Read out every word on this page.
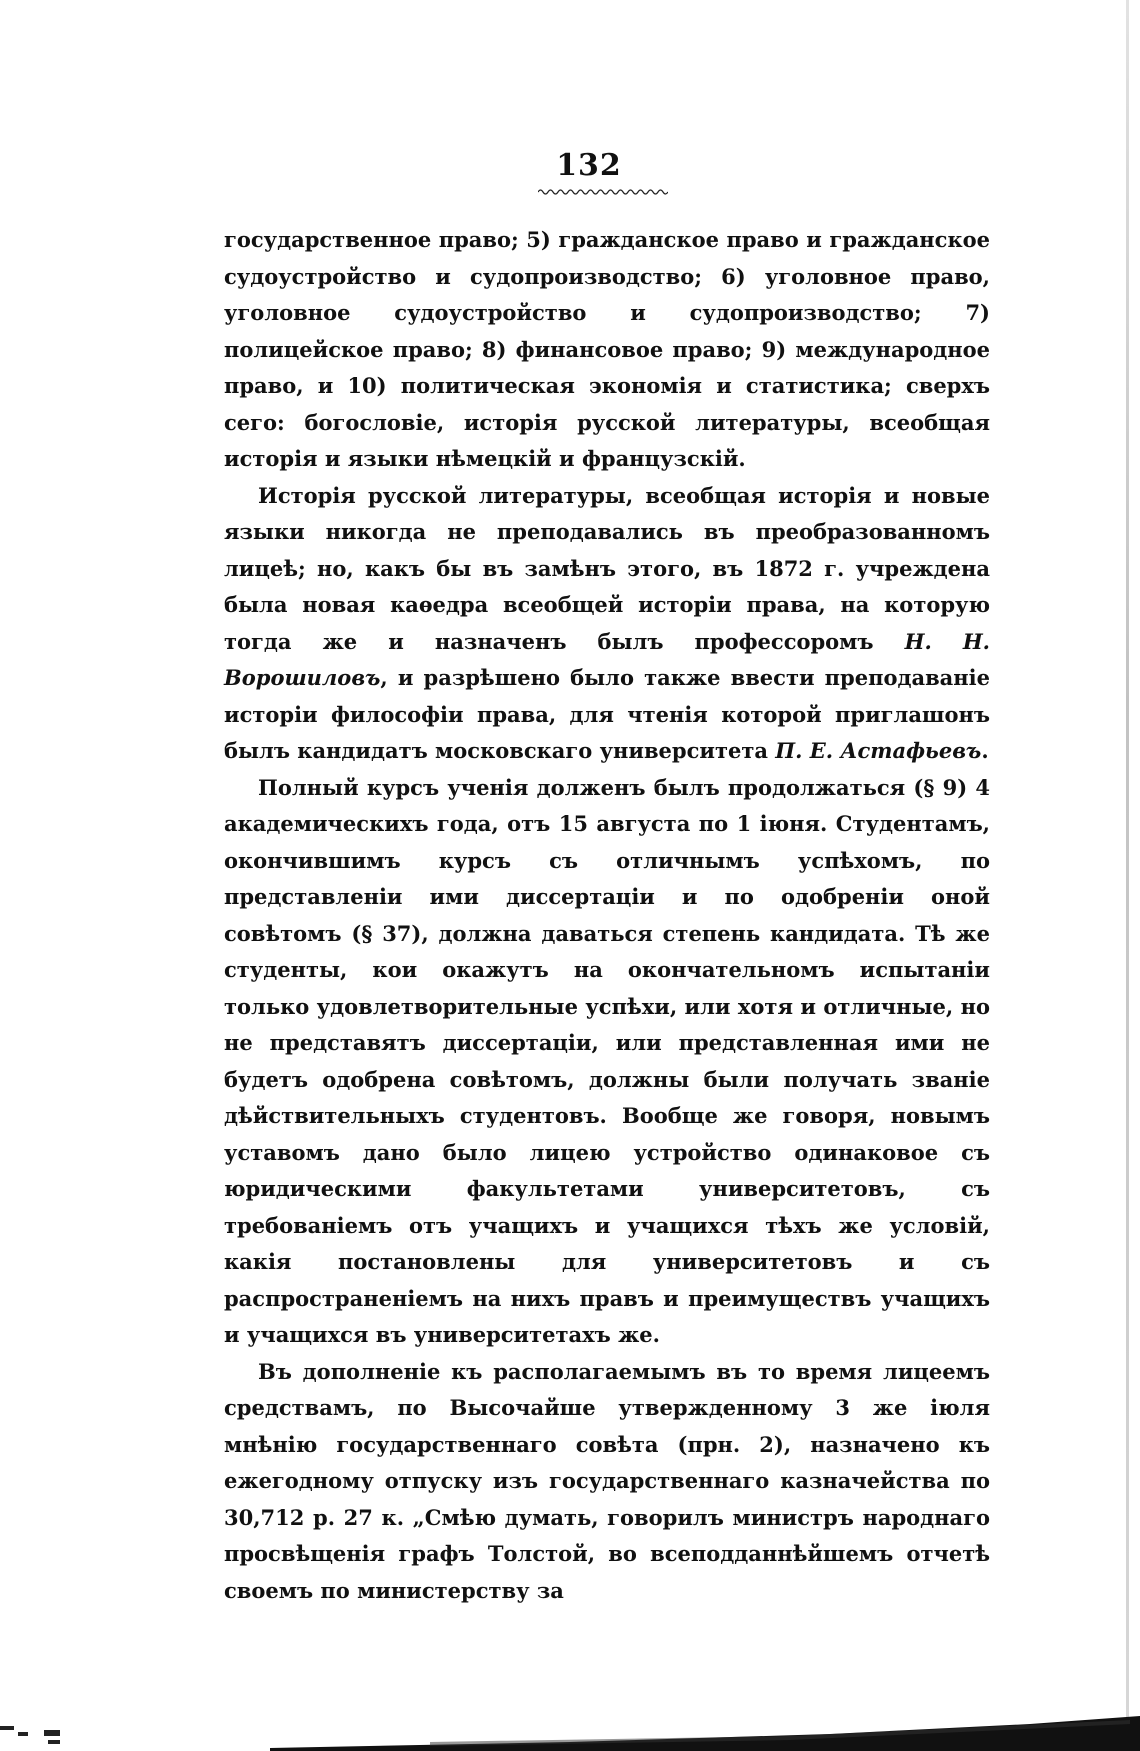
132

государственное право; 5) гражданское право и гражданское судоустройство и судопроизводство; 6) уголовное право, уголовное судоустройство и судопроизводство; 7) полицейское право; 8) финансовое право; 9) международное право, и 10) политическая экономія и статистика; сверхъ сего: богословіе, исторія русской литературы, всеобщая исторія и языки нѣмецкій и французскій.

Исторія русской литературы, всеобщая исторія и новые языки никогда не преподавались въ преобразованномъ лицеѣ; но, какъ бы въ замѣнъ этого, въ 1872 г. учреждена была новая каѳедра всеобщей исторіи права, на которую тогда же и назначенъ былъ профессоромъ Н. Н. Ворошиловъ, и разрѣшено было также ввести преподаваніе исторіи философіи права, для чтенія которой приглашонъ былъ кандидатъ московскаго университета П. Е. Астафьевъ.

Полный курсъ ученія долженъ былъ продолжаться (§ 9) 4 академическихъ года, отъ 15 августа по 1 іюня. Студентамъ, окончившимъ курсъ съ отличнымъ успѣхомъ, по представленіи ими диссертаціи и по одобреніи оной совѣтомъ (§ 37), должна даваться степень кандидата. Тѣ же студенты, кои окажутъ на окончательномъ испытаніи только удовлетворительные успѣхи, или хотя и отличные, но не представятъ диссертаціи, или представленная ими не будетъ одобрена совѣтомъ, должны были получать званіе дѣйствительныхъ студентовъ. Вообще же говоря, новымъ уставомъ дано было лицею устройство одинаковое съ юридическими факультетами университетовъ, съ требованіемъ отъ учащихъ и учащихся тѣхъ же условій, какія постановлены для университетовъ и съ распространеніемъ на нихъ правъ и преимуществъ учащихъ и учащихся въ университетахъ же.

Въ дополненіе къ располагаемымъ въ то время лицеемъ средствамъ, по Высочайше утвержденному 3 же іюля мнѣнію государственнаго совѣта (прн. 2), назначено къ ежегодному отпуску изъ государственнаго казначейства по 30,712 р. 27 к. „Смѣю думать, говорилъ министръ народнаго просвѣщенія графъ Толстой, во всеподданнѣйшемъ отчетѣ своемъ по министерству за
